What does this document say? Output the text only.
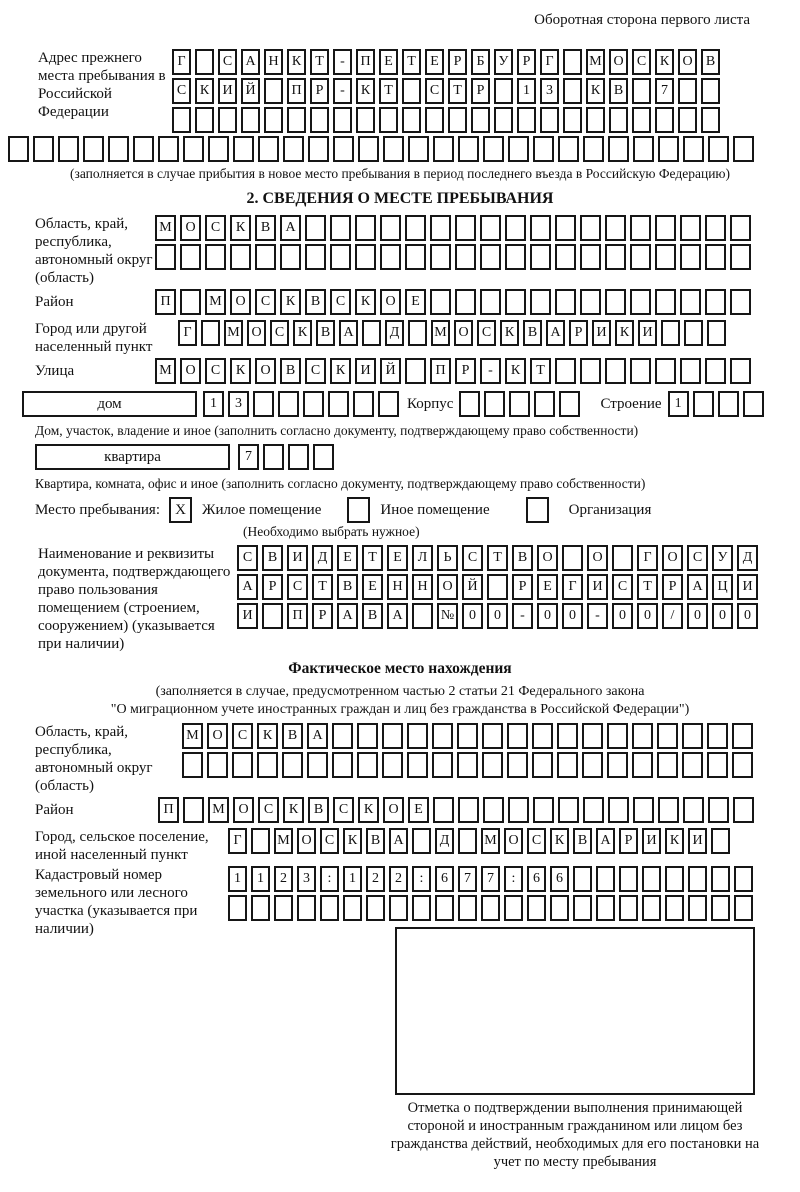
Оборотная сторона первого листа
Адрес прежнего места пребывания в Российской Федерации
Г	С А Н К	Т	-	П Е	Т	Е	Р	Б	У	Р	Г	М О С К О В
С К И Й	П	Р	-	К	Т	С	Т	Р	1	3	К В	7
(заполняется в случае прибытия в новое место пребывания в период последнего въезда в Российскую Федерацию)
2. СВЕДЕНИЯ О МЕСТЕ ПРЕБЫВАНИЯ
Область, край, республика, автономный округ (область)
М О	С	К	В	А
Район	П	М О	С	К	В	С	К	О	Е
Город или другой населенный пункт
Г	М О С К В А	Д	М О С К В А	Р	И К И
Улица	М О	С	К	О	В	С	К	И	Й	П	Р	-	К	Т
дом	1	3	Корпус	Строение 1
Дом, участок, владение и иное (заполнить согласно документу, подтверждающему право собственности)
квартира	7
Квартира, комната, офис и иное (заполнить согласно документу, подтверждающему право собственности)
Место пребывания:	X	Жилое помещение	Иное помещение	Организация
(Необходимо выбрать нужное)
Наименование и реквизиты документа, подтверждающего право пользования помещением (строением, сооружением) (указывается при наличии)
С	В	И	Д	Е	Т	Е	Л	Ь	С	Т	В	О	О	Г	О	С	У	Д
А	Р	С	Т	В	Е	Н	Н	О	Й	Р	Е	Г	И	С	Т	Р	А	Ц	И
И	П	Р	А	В	А	№	0	0	-	0	0	-	0	0	/	0	0	0
Фактическое место нахождения
(заполняется в случае, предусмотренном частью 2 статьи 21 Федерального закона
"О миграционном учете иностранных граждан и лиц без гражданства в Российской Федерации")
Область, край, республика, автономный округ (область)
М О	С	К	В	А
Район	П	М О	С	К	В	С	К	О	Е
Город, сельское поселение, иной населенный пункт
Г	М О С К В А	Д	М О С К В А	Р	И К И
Кадастровый номер земельного или лесного участка (указывается при наличии)
1	1	2	3	:	1	2	2	:	6	7	7	:	6	6
Отметка о подтверждении выполнения принимающей стороной и иностранным гражданином или лицом без гражданства действий, необходимых для его постановки на учет по месту пребывания
